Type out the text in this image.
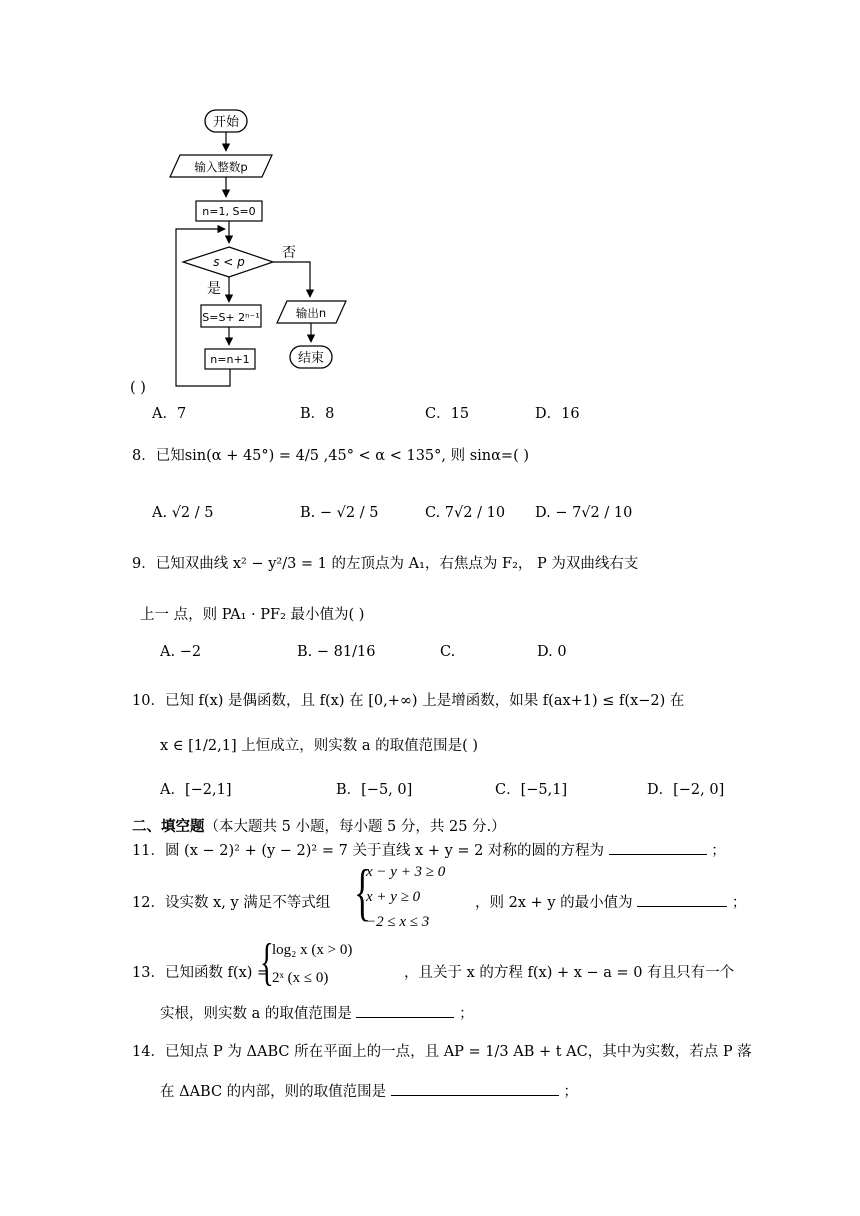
开始
输入整数p
n=1, S=0
s < p
否
是
S=S+ 2ⁿ⁻¹
n=n+1
输出n
结束
( )
A．7	B．8	C．15	D．16
8．已知sin(α + 45°) = 4/5 ,45° < α < 135°, 则 sinα=( )
A. √2 / 5	B. − √2 / 5	C. 7√2 / 10 D. − 7√2 / 10
9．已知双曲线 x² − y²/3 = 1 的左顶点为 A₁，右焦点为 F₂， P 为双曲线右支
上一 点，则 PA₁ · PF₂ 最小值为( )
A. −2	B. − 81/16	C.	D. 0
10．已知 f(x) 是偶函数，且 f(x) 在 [0,+∞) 上是增函数，如果 f(ax+1) ≤ f(x−2) 在
x ∈ [1/2,1] 上恒成立，则实数 a 的取值范围是( )
A．[−2,1]	B．[−5, 0]	C．[−5,1]	D．[−2, 0]
二、填空题（本大题共 5 小题，每小题 5 分，共 25 分.）
11．圆 (x − 2)² + (y − 2)² = 7 关于直线 x + y = 2 对称的圆的方程为	；
12．设实数 x, y 满足不等式组 {
x − y + 3 ≥ 0
x + y ≥ 0
−2 ≤ x ≤ 3
，则 2x + y 的最小值为	；
13．已知函数 f(x) =
{
log₂ x (x > 0)
2ˣ (x ≤ 0)	，且关于 x 的方程 f(x) + x − a = 0 有且只有一个
实根，则实数 a 的取值范围是	；
14．已知点 P 为 ΔABC 所在平面上的一点，且 AP = 1/3 AB + t AC，其中为实数，若点 P 落
在 ΔABC 的内部，则的取值范围是	；
